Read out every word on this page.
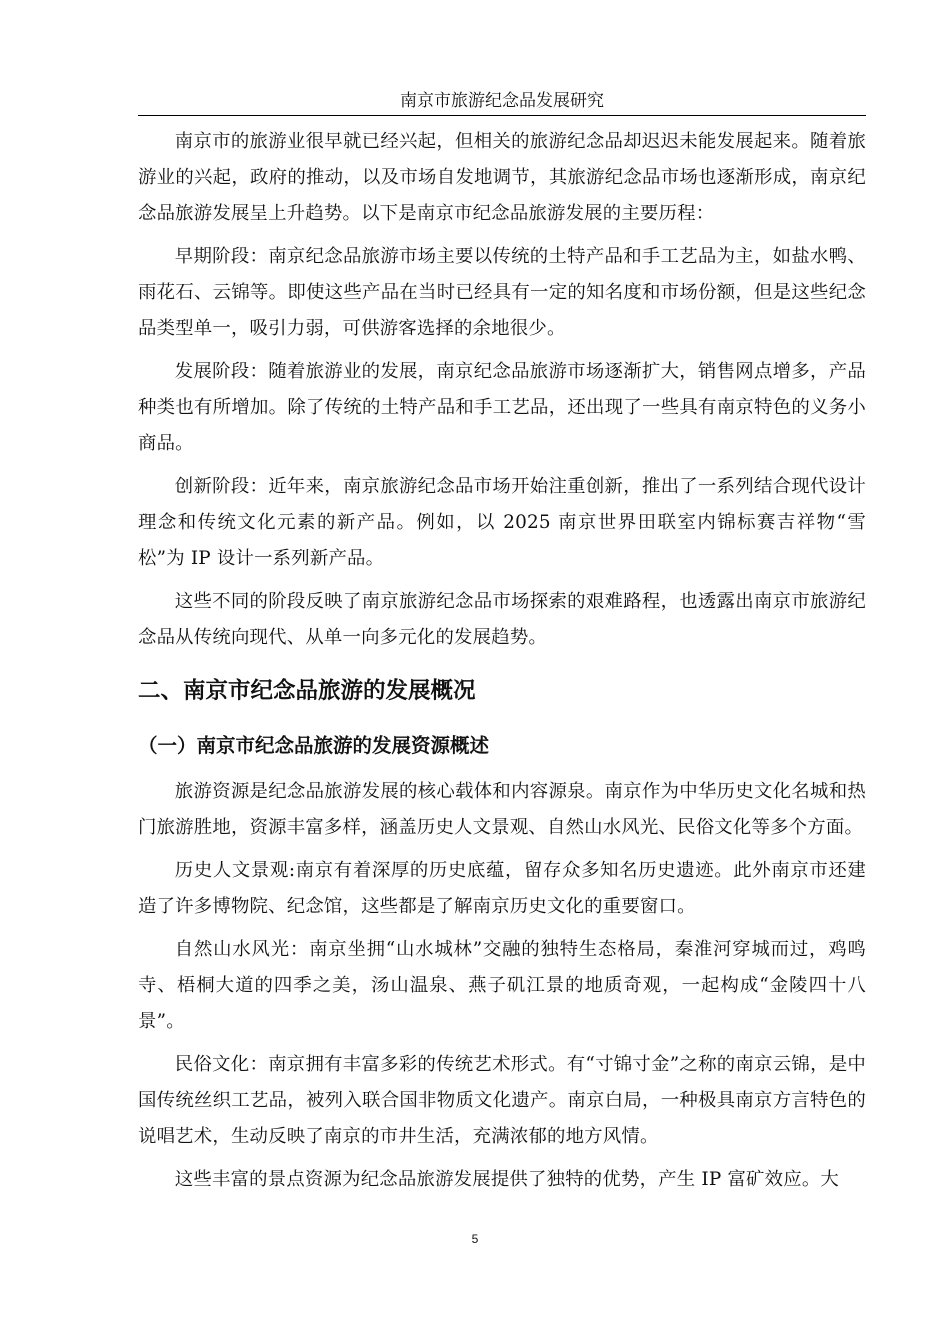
南京市旅游纪念品发展研究

南京市的旅游业很早就已经兴起，但相关的旅游纪念品却迟迟未能发展起来。随着旅游业的兴起，政府的推动，以及市场自发地调节，其旅游纪念品市场也逐渐形成，南京纪念品旅游发展呈上升趋势。以下是南京市纪念品旅游发展的主要历程：

早期阶段：南京纪念品旅游市场主要以传统的土特产品和手工艺品为主，如盐水鸭、雨花石、云锦等。即使这些产品在当时已经具有一定的知名度和市场份额，但是这些纪念品类型单一，吸引力弱，可供游客选择的余地很少。

发展阶段：随着旅游业的发展，南京纪念品旅游市场逐渐扩大，销售网点增多，产品种类也有所增加。除了传统的土特产品和手工艺品，还出现了一些具有南京特色的义务小商品。

创新阶段：近年来，南京旅游纪念品市场开始注重创新，推出了一系列结合现代设计理念和传统文化元素的新产品。例如，以 2025 南京世界田联室内锦标赛吉祥物“雪松”为 IP 设计一系列新产品。

这些不同的阶段反映了南京旅游纪念品市场探索的艰难路程，也透露出南京市旅游纪念品从传统向现代、从单一向多元化的发展趋势。

二、南京市纪念品旅游的发展概况
（一）南京市纪念品旅游的发展资源概述

旅游资源是纪念品旅游发展的核心载体和内容源泉。南京作为中华历史文化名城和热门旅游胜地，资源丰富多样，涵盖历史人文景观、自然山水风光、民俗文化等多个方面。

历史人文景观:南京有着深厚的历史底蕴，留存众多知名历史遗迹。此外南京市还建造了许多博物院、纪念馆，这些都是了解南京历史文化的重要窗口。

自然山水风光：南京坐拥“山水城林”交融的独特生态格局，秦淮河穿城而过，鸡鸣寺、梧桐大道的四季之美，汤山温泉、燕子矶江景的地质奇观，一起构成“金陵四十八景”。

民俗文化：南京拥有丰富多彩的传统艺术形式。有“寸锦寸金”之称的南京云锦，是中国传统丝织工艺品，被列入联合国非物质文化遗产。南京白局，一种极具南京方言特色的说唱艺术，生动反映了南京的市井生活，充满浓郁的地方风情。

这些丰富的景点资源为纪念品旅游发展提供了独特的优势，产生 IP 富矿效应。大

5
